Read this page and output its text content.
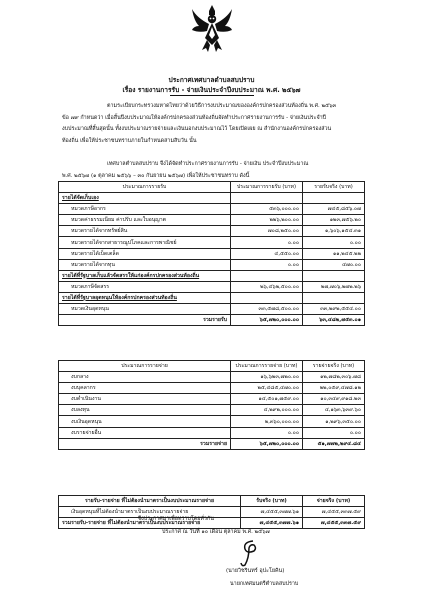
ประกาศเทศบาลตำบลสบปราบ
เรื่อง รายงานการรับ - จ่ายเงินประจำปีงบประมาณ พ.ศ. ๒๕๖๗
ตามระเบียบกระทรวงมหาดไทยว่าด้วยวิธีการงบประมาณขององค์กรปกครองส่วนท้องถิ่น พ.ศ. ๒๕๖๓
ข้อ ๗๙ กำหนดว่า เมื่อสิ้นปีงบประมาณให้องค์กรปกครองส่วนท้องถิ่นจัดทำประกาศรายงานการรับ - จ่ายเงินประจำปี
งบประมาณที่สิ้นสุดนั้น ทั้งงบประมาณรายจ่ายและเงินนอกงบประมาณไว้ โดยเปิดเผย ณ สำนักงานองค์กรปกครองส่วน
ท้องถิ่น เพื่อให้ประชาชนทราบภายในกำหนดสามสิบวัน นั้น
เทศบาลตำบลสบปราบ จึงได้จัดทำประกาศรายงานการรับ - จ่ายเงิน ประจำปีงบประมาณ
พ.ศ. ๒๕๖๗ (๑ ตุลาคม ๒๕๖๖ – ๓๐ กันยายน ๒๕๖๗) เพื่อให้ประชาชนทราบ ดังนี้
ประมาณการรายรับ	ประมาณการรายรับ (บาท)	รายรับจริง (บาท)
รายได้จัดเก็บเอง		
หมวดภาษีอากร	๕๓๖,๐๐๐.๐๐	๗๔๕,๘๕๖.๐๗
หมวดค่าธรรมเนียม ค่าปรับ และใบอนุญาต	๒๒๖,๒๐๐.๐๐	๑๒๓,๗๕๖.๒๐
หมวดรายได้จากทรัพย์สิน	๗๐๘,๒๕๐.๐๐	๑,๖๐๖,๑๕๔.๓๑
หมวดรายได้จากสาธารณูปโภคและการพาณิชย์	๐.๐๐	๐.๐๐
หมวดรายได้เบ็ดเตล็ด	๔,๕๕๐.๐๐	๑๑,๒๔๕.๒๒
หมวดรายได้จากทุน	๐.๐๐	๔๗๐.๐๐
รายได้ที่รัฐบาลเก็บแล้วจัดสรรให้แก่องค์กรปกครองส่วนท้องถิ่น		
หมวดภาษีจัดสรร	๒๖,๔๖๒,๕๐๐.๐๐	๒๗,๗๐๖,๒๗๒.๒๖
รายได้ที่รัฐบาลอุดหนุนให้องค์กรปกครองส่วนท้องถิ่น		
หมวดเงินอุดหนุน	๓๓,๕๗๘,๕๐๐.๐๐	๓๓,๒๙๒,๕๕๔.๐๐
รวมรายรับ	๖๕,๗๒๐,๐๐๐.๐๐	๖๓,๔๘๒,๗๕๓.๐๑
ประมาณการรายจ่าย	ประมาณการรายจ่าย (บาท)	รายจ่ายจริง (บาท)
งบกลาง	๑๖,๖๒๓,๗๒๐.๐๐	๑๒,๗๘๒,๓๐๖.๗๘
งบบุคลากร	๒๕,๔๘๕,๔๗๐.๐๐	๒๒,๐๕๙,๔๗๘.๑๒
งบดำเนินงาน	๑๔,๕๐๑,๗๕๙.๐๐	๑๐,๓๔๙,๙๑๘.๒๓
งบลงทุน	๔,๒๙๒,๐๐๐.๐๐	๔,๑๖๓,๖๓๙.๖๐
งบเงินอุดหนุน	๒,๓๖๐,๐๐๐.๐๐	๑,๒๙๖,๓๕๐.๐๐
งบรายจ่ายอื่น	๐.๐๐	๐.๐๐
รวมรายจ่าย	๖๕,๗๒๐,๐๐๐.๐๐	๕๑,๗๗๒,๒๙๔.๘๔
รายรับ-รายจ่าย ที่ไม่ต้องนำมาตราเป็นงบประมาณรายจ่าย	รับจริง (บาท)	จ่ายจริง (บาท)
เงินอุดหนุนที่ไม่ต้องนำมาตราเป็นงบประมาณรายจ่าย	๗,๔๕๕,๓๗๗.๖๑	๗,๔๕๕,๓๓๗.๕๙
รวมรายรับ-รายจ่าย ที่ไม่ต้องนำมาตราเป็นงบประมาณรายจ่าย	๗,๔๕๕,๓๗๗.๖๑	๗,๔๕๕,๓๓๗.๕๙
จึงประกาศมาเพื่อทราบโดยทั่วกัน
ประกาศ ณ วันที่ ๑๐ เดือน ตุลาคม พ.ศ. ๒๕๖๗
(นายวิชรินทร์ อุปะโยคิน)
นายกเทศมนตรีตำบลสบปราบ
